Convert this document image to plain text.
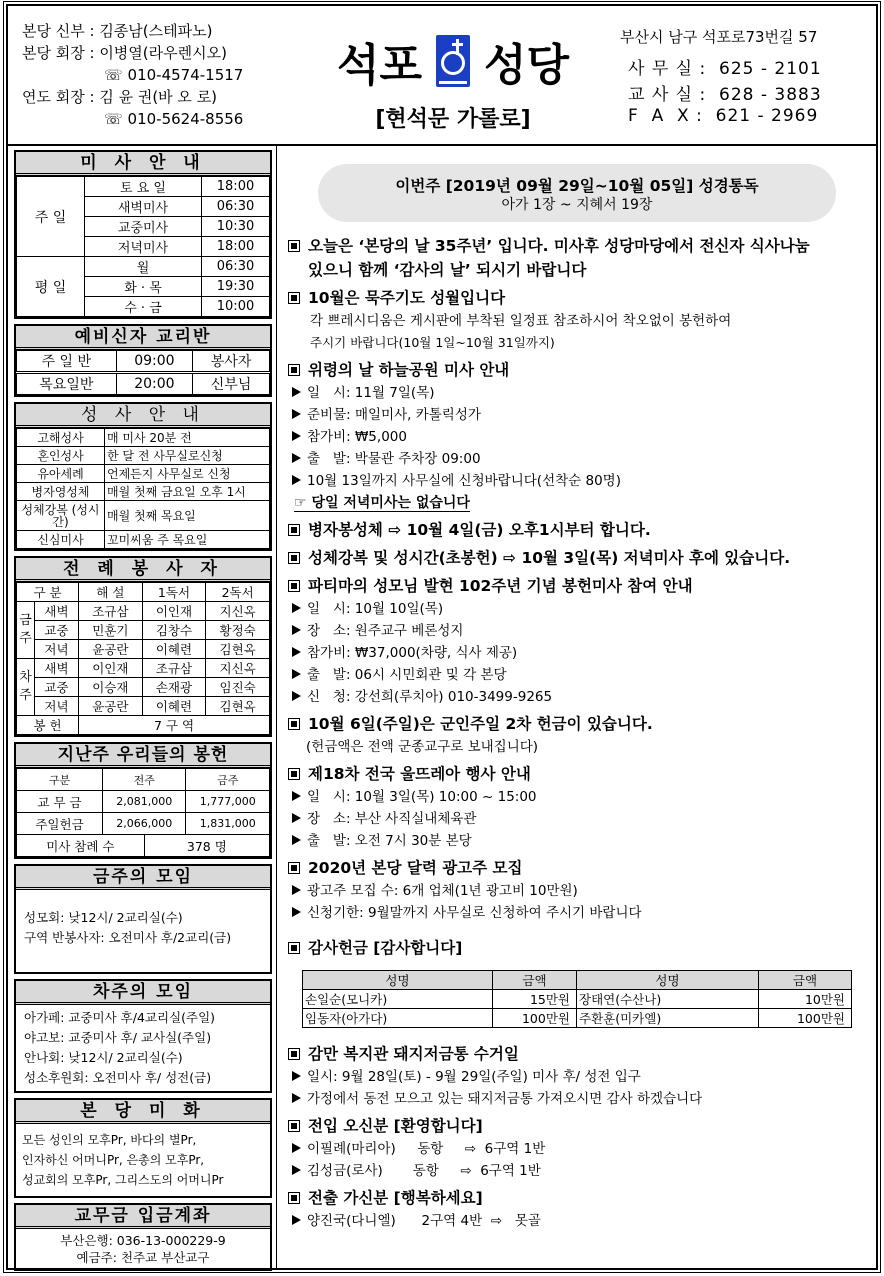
본당 신부 : 김종남(스테파노)
본당 회장 : 이병열(라우렌시오)
☏ 010-4574-1517
연도 회장 : 김 윤 권(바 오 로)
☏ 010-5624-8556
석포 성당
[현석문 가롤로]
부산시 남구 석포로73번길 57
사 무 실 : 625 - 2101
교 사 실 : 628 - 3883
F  A  X : 621 - 2969
미 사 안 내
주 일	토 요 일	18:00
	새벽미사	06:30
	교중미사	10:30
	저녁미사	18:00
평 일	월	06:30
	화 · 목	19:30
	수 · 금	10:00
예비신자 교리반
주 일 반	09:00	봉사자
목요일반	20:00	신부님
성 사 안 내
고해성사	매 미사 20분 전
혼인성사	한 달 전 사무실로신청
유아세례	언제든지 사무실로 신청
병자영성체	매월 첫째 금요일 오후 1시
성체강복 (성시간)	매월 첫째 목요일
신심미사	꼬미씨움 주 목요일
전 례 봉 사 자
구 분		해 설	1독서	2독서
금주	새벽	조규삼	이인재	지신옥
	교중	민훈기	김창수	황정숙
	저녁	윤공란	이혜련	김현옥
차주	새벽	이인재	조규삼	지신옥
	교중	이승재	손재광	임진숙
	저녁	윤공란	이혜련	김현옥
봉 헌		7 구 역		
지난주 우리들의 봉헌
구분	전주		금주
교 무 금	2,081,000		1,777,000
주일헌금	2,066,000		1,831,000
미사 참례 수		378 명	
금주의 모임
성모회: 낮12시/ 2교리실(수)
구역 반봉사자: 오전미사 후/2교리(금)
차주의 모임
아가페: 교중미사 후/4교리실(주일)
야고보: 교중미사 후/ 교사실(주일)
안나회: 낮12시/ 2교리실(수)
성소후원회: 오전미사 후/ 성전(금)
본 당 미 화
모든 성인의 모후Pr, 바다의 별Pr,
인자하신 어머니Pr, 은총의 모후Pr,
성교회의 모후Pr, 그리스도의 어머니Pr
교무금 입금계좌
부산은행: 036-13-000229-9
예금주: 천주교 부산교구
이번주 [2019년 09월 29일~10월 05일] 성경통독
아가 1장 ~ 지혜서 19장
오늘은 ‘본당의 날 35주년’ 입니다. 미사후 성당마당에서 전신자 식사나눔
있으니 함께 ‘감사의 날’ 되시기 바랍니다
10월은 묵주기도 성월입니다
각 쁘레시디움은 게시판에 부착된 일정표 참조하시어 착오없이 봉헌하여
주시기 바랍니다(10월 1일~10월 31일까지)
위령의 날 하늘공원 미사 안내
일   시: 11월 7일(목)
준비물: 매일미사, 카톨릭성가
참가비: ₩5,000
출   발: 박물관 주차장 09:00
10월 13일까지 사무실에 신청바랍니다(선착순 80명)
☞ 당일 저녁미사는 없습니다
병자봉성체 ⇨ 10월 4일(금) 오후1시부터 합니다.
성체강복 및 성시간(초봉헌) ⇨ 10월 3일(목) 저녁미사 후에 있습니다.
파티마의 성모님 발현 102주년 기념 봉헌미사 참여 안내
일   시: 10월 10일(목)
장   소: 원주교구 베론성지
참가비: ₩37,000(차량, 식사 제공)
출   발: 06시 시민회관 및 각 본당
신   청: 강선희(루치아) 010-3499-9265
10월 6일(주일)은 군인주일 2차 헌금이 있습니다.
(헌금액은 전액 군종교구로 보내집니다)
제18차 전국 울뜨레아 행사 안내
일   시: 10월 3일(목) 10:00 ~ 15:00
장   소: 부산 사직실내체육관
출   발: 오전 7시 30분 본당
2020년 본당 달력 광고주 모집
광고주 모집 수: 6개 업체(1년 광고비 10만원)
신청기한: 9월말까지 사무실로 신청하여 주시기 바랍니다
감사헌금 [감사합니다]
성명	금액	성명	금액
손일순(모니카)	15만원	장태연(수산나)	10만원
임동자(아가다)	100만원	주환훈(미카엘)	100만원
감만 복지관 돼지저금통 수거일
일시: 9월 28일(토) - 9월 29일(주일) 미사 후/ 성전 입구
가정에서 동전 모으고 있는 돼지저금통 가져오시면 감사 하겠습니다
전입 오신분 [환영합니다]
이필례(마리아)     동항     ⇨  6구역 1반
김성금(로사)       동항     ⇨  6구역 1반
전출 가신분 [행복하세요]
양진국(다니엘)      2구역 4반  ⇨   못골
